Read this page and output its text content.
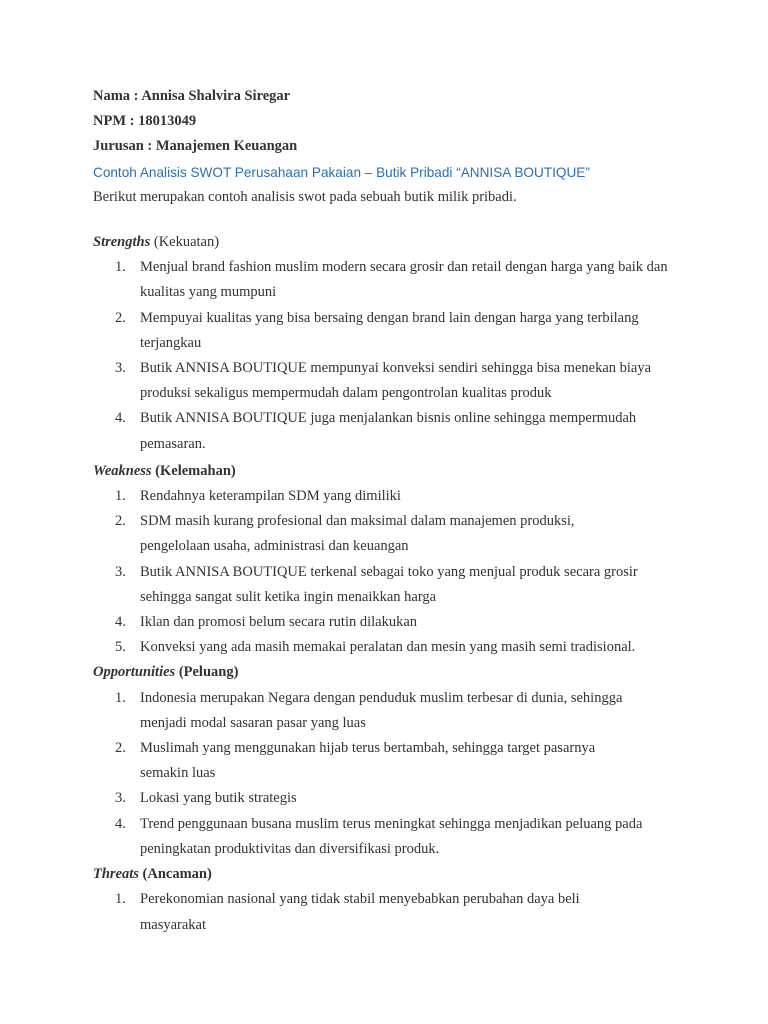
Nama : Annisa Shalvira Siregar
NPM : 18013049
Jurusan : Manajemen Keuangan
Contoh Analisis SWOT Perusahaan Pakaian – Butik Pribadi “ANNISA BOUTIQUE”
Berikut merupakan contoh analisis swot pada sebuah butik milik pribadi.
Strengths (Kekuatan)
1. Menjual brand fashion muslim modern secara grosir dan retail dengan harga yang baik dan kualitas yang mumpuni
2. Mempuyai kualitas yang bisa bersaing dengan brand lain dengan harga yang terbilang terjangkau
3. Butik ANNISA BOUTIQUE mempunyai konveksi sendiri sehingga bisa menekan biaya produksi sekaligus mempermudah dalam pengontrolan kualitas produk
4. Butik ANNISA BOUTIQUE juga menjalankan bisnis online sehingga mempermudah pemasaran.
Weakness (Kelemahan)
1. Rendahnya keterampilan SDM yang dimiliki
2. SDM masih kurang profesional dan maksimal dalam manajemen produksi, pengelolaan usaha, administrasi dan keuangan
3. Butik ANNISA BOUTIQUE terkenal sebagai toko yang menjual produk secara grosir sehingga sangat sulit ketika ingin menaikkan harga
4. Iklan dan promosi belum secara rutin dilakukan
5. Konveksi yang ada masih memakai peralatan dan mesin yang masih semi tradisional.
Opportunities (Peluang)
1. Indonesia merupakan Negara dengan penduduk muslim terbesar di dunia, sehingga menjadi modal sasaran pasar yang luas
2. Muslimah yang menggunakan hijab terus bertambah, sehingga target pasarnya semakin luas
3. Lokasi yang butik strategis
4. Trend penggunaan busana muslim terus meningkat sehingga menjadikan peluang pada peningkatan produktivitas dan diversifikasi produk.
Threats (Ancaman)
1. Perekonomian nasional yang tidak stabil menyebabkan perubahan daya beli masyarakat
